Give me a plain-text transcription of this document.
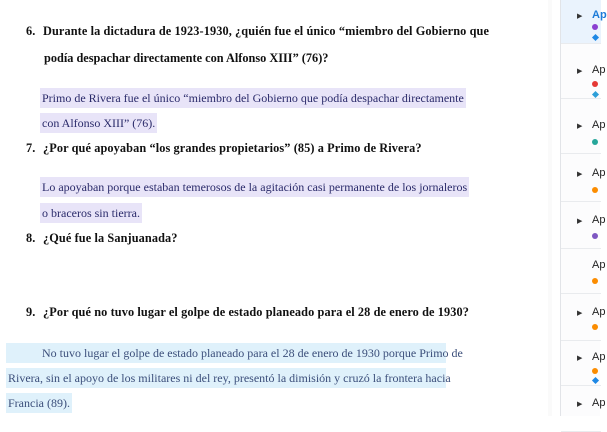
6. Durante la dictadura de 1923-1930, ¿quién fue el único “miembro del Gobierno que
podía despachar directamente con Alfonso XIII” (76)?
Primo de Rivera fue el único “miembro del Gobierno que podía despachar directamente
con Alfonso XIII” (76).
7. ¿Por qué apoyaban “los grandes propietarios” (85) a Primo de Rivera?
Lo apoyaban porque estaban temerosos de la agitación casi permanente de los jornaleros
o braceros sin tierra.
8. ¿Qué fue la Sanjuanada?
9. ¿Por qué no tuvo lugar el golpe de estado planeado para el 28 de enero de 1930?
No tuvo lugar el golpe de estado planeado para el 28 de enero de 1930 porque Primo de
Rivera, sin el apoyo de los militares ni del rey, presentó la dimisión y cruzó la frontera hacia
Francia (89).
▶ Ap
▶ Ap
▶ Ap
▶ Ap
▶ Ap
Ap
▶ Ap
▶ Ap
▶ Ap
